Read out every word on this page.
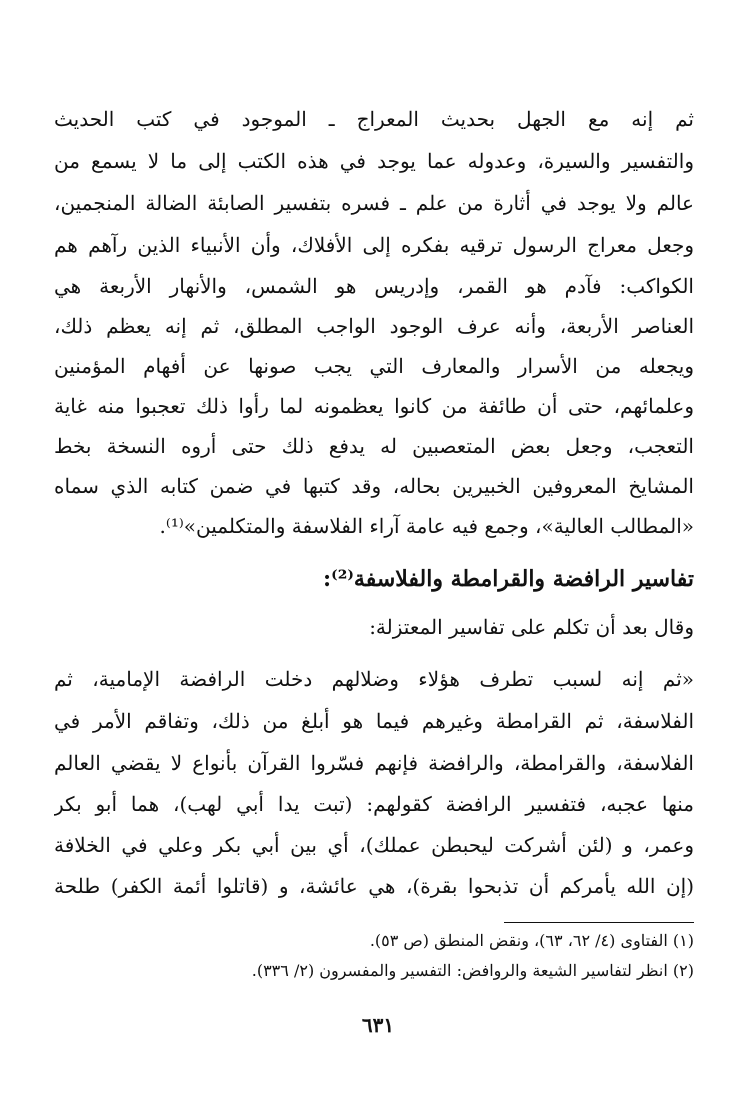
ثم إنه مع الجهل بحديث المعراج ـ الموجود في كتب الحديث
والتفسير والسيرة، وعدوله عما يوجد في هذه الكتب إلى ما لا يسمع من
عالم ولا يوجد في أثارة من علم ـ فسره بتفسير الصابئة الضالة المنجمين،
وجعل معراج الرسول ترقيه بفكره إلى الأفلاك، وأن الأنبياء الذين رآهم هم
الكواكب: فآدم هو القمر، وإدريس هو الشمس، والأنهار الأربعة هي
العناصر الأربعة، وأنه عرف الوجود الواجب المطلق، ثم إنه يعظم ذلك،
ويجعله من الأسرار والمعارف التي يجب صونها عن أفهام المؤمنين
وعلمائهم، حتى أن طائفة من كانوا يعظمونه لما رأوا ذلك تعجبوا منه غاية
التعجب، وجعل بعض المتعصبين له يدفع ذلك حتى أروه النسخة بخط
المشايخ المعروفين الخبيرين بحاله، وقد كتبها في ضمن كتابه الذي سماه
«المطالب العالية»، وجمع فيه عامة آراء الفلاسفة والمتكلمين»⁽¹⁾.
تفاسير الرافضة والقرامطة والفلاسفة⁽²⁾:
وقال بعد أن تكلم على تفاسير المعتزلة:
«ثم إنه لسبب تطرف هؤلاء وضلالهم دخلت الرافضة الإمامية، ثم
الفلاسفة، ثم القرامطة وغيرهم فيما هو أبلغ من ذلك، وتفاقم الأمر في
الفلاسفة، والقرامطة، والرافضة فإنهم فسّروا القرآن بأنواع لا يقضي العالم
منها عجبه، فتفسير الرافضة كقولهم: (تبت يدا أبي لهب)، هما أبو بكر
وعمر، و (لئن أشركت ليحبطن عملك)، أي بين أبي بكر وعلي في الخلافة
(إن الله يأمركم أن تذبحوا بقرة)، هي عائشة، و (قاتلوا أئمة الكفر) طلحة
(١) الفتاوى (٤/ ٦٢، ٦٣)، ونقض المنطق (ص ٥٣).
(٢) انظر لتفاسير الشيعة والروافض: التفسير والمفسرون (٢/ ٣٣٦).
٦٣١
